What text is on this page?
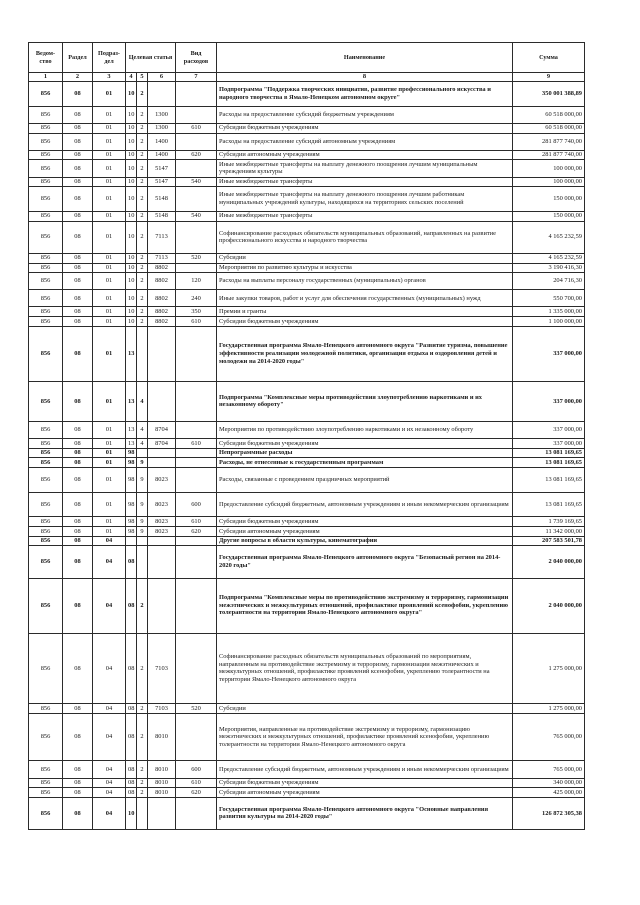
Ведом-ство	Раздел	Подраз-дел	Целевая статья			Вид расходов	Наименование	Сумма
1	2	3	4	5	6	7	8	9
856	08	01	10	2			Подпрограмма "Поддержка творческих инициатив, развитие профессионального искусства и народного творчества в Ямало-Ненецком автономном округе"	350 001 388,89
856	08	01	10	2	1300		Расходы на предоставление субсидий бюджетным учреждениям	60 518 000,00
856	08	01	10	2	1300	610	Субсидии бюджетным учреждениям	60 518 000,00
856	08	01	10	2	1400		Расходы на предоставление субсидий автономным учреждениям	281 877 740,00
856	08	01	10	2	1400	620	Субсидии автономным учреждениям	281 877 740,00
856	08	01	10	2	5147		Иные межбюджетные трансферты на выплату денежного поощрения лучшим муниципальным учреждениям культуры	100 000,00
856	08	01	10	2	5147	540	Иные межбюджетные трансферты	100 000,00
856	08	01	10	2	5148		Иные межбюджетные трансферты на выплату денежного поощрения лучшим работникам муниципальных учреждений культуры, находящихся на территориях сельских поселений	150 000,00
856	08	01	10	2	5148	540	Иные межбюджетные трансферты	150 000,00
856	08	01	10	2	7113		Софинансирование расходных обязательств муниципальных образований, направленных на развитие профессионального искусства и народного творчества	4 165 232,59
856	08	01	10	2	7113	520	Субсидии	4 165 232,59
856	08	01	10	2	8802		Мероприятия по развитию культуры и искусства	3 190 416,30
856	08	01	10	2	8802	120	Расходы на выплаты персоналу государственных (муниципальных) органов	204 716,30
856	08	01	10	2	8802	240	Иные закупки товаров, работ и услуг для обеспечения государственных (муниципальных) нужд	550 700,00
856	08	01	10	2	8802	350	Премии и гранты	1 335 000,00
856	08	01	10	2	8802	610	Субсидии бюджетным учреждениям	1 100 000,00
856	08	01	13				Государственная программа Ямало-Ненецкого автономного округа "Развитие туризма, повышение эффективности реализации молодежной политики, организация отдыха и оздоровления детей и молодежи на 2014-2020 годы"	337 000,00
856	08	01	13	4			Подпрограмма "Комплексные меры противодействия злоупотреблению наркотиками и их незаконному обороту"	337 000,00
856	08	01	13	4	8704		Мероприятия по противодействию злоупотреблению наркотиками и их незаконному обороту	337 000,00
856	08	01	13	4	8704	610	Субсидии бюджетным учреждениям	337 000,00
856	08	01	98				Непрограммные расходы	13 081 169,65
856	08	01	98	9			Расходы, не отнесенные к государственным программам	13 081 169,65
856	08	01	98	9	8023		Расходы, связанные с проведением праздничных мероприятий	13 081 169,65
856	08	01	98	9	8023	600	Предоставление субсидий бюджетным, автономным учреждениям и иным некоммерческим организациям	13 081 169,65
856	08	01	98	9	8023	610	Субсидии бюджетным учреждениям	1 739 169,65
856	08	01	98	9	8023	620	Субсидии автономным учреждениям	11 342 000,00
856	08	04					Другие вопросы в области культуры, кинематографии	207 583 501,78
856	08	04	08				Государственная программа Ямало-Ненецкого автономного округа "Безопасный регион на 2014-2020 годы"	2 040 000,00
856	08	04	08	2			Подпрограмма "Комплексные меры по противодействию экстремизму и терроризму, гармонизации межэтнических и межкультурных отношений, профилактике проявлений ксенофобии, укреплению толерантности на территории Ямало-Ненецкого автономного округа"	2 040 000,00
856	08	04	08	2	7103		Софинансирование расходных обязательств муниципальных образований по мероприятиям, направленным на противодействие экстремизму и терроризму, гармонизации межэтнических и межкультурных отношений, профилактике проявлений ксенофобии, укреплению толерантности на территории Ямало-Ненецкого автономного округа	1 275 000,00
856	08	04	08	2	7103	520	Субсидии	1 275 000,00
856	08	04	08	2	8010		Мероприятия, направленные на противодействие экстремизму и терроризму, гармонизацию межэтнических и межкультурных отношений, профилактике проявлений ксенофобии, укреплению толерантности на территории Ямало-Ненецкого автономного округа	765 000,00
856	08	04	08	2	8010	600	Предоставление субсидий бюджетным, автономным учреждениям и иным некоммерческим организациям	765 000,00
856	08	04	08	2	8010	610	Субсидии бюджетным учреждениям	340 000,00
856	08	04	08	2	8010	620	Субсидии автономным учреждениям	425 000,00
856	08	04	10				Государственная программа Ямало-Ненецкого автономного округа "Основные направления развития культуры на 2014-2020 годы"	126 872 305,38
